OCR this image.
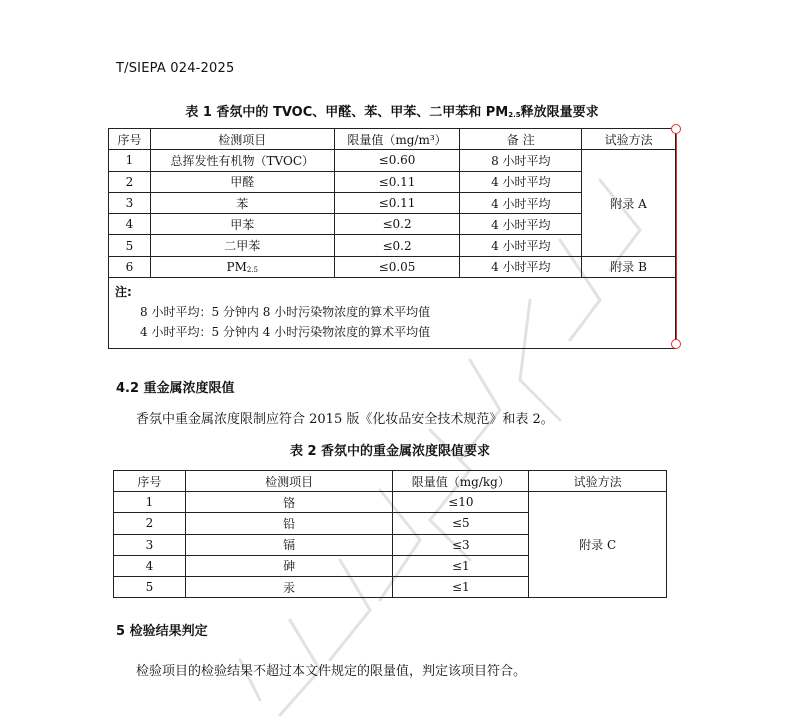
T/SIEPA 024-2025
表 1 香氛中的 TVOC、甲醛、苯、甲苯、二甲苯和 $PM_{2.5}$释放限量要求
序号	检测项目	限量值（mg/m³）	备 注	试验方法
1	总挥发性有机物（TVOC）	≤0.60	8 小时平均	附录 A
2	甲醛	≤0.11	4 小时平均	
3	苯	≤0.11	4 小时平均	
4	甲苯	≤0.2	4 小时平均	
5	二甲苯	≤0.2	4 小时平均	
6	$PM_{2.5}$	≤0.05	4 小时平均	附录 B

注:
8 小时平均：5 分钟内 8 小时污染物浓度的算术平均值
4 小时平均：5 分钟内 4 小时污染物浓度的算术平均值				
4.2 重金属浓度限值
香氛中重金属浓度限制应符合 2015 版《化妆品安全技术规范》和表 2。
表 2 香氛中的重金属浓度限值要求
序号	检测项目	限量值（mg/kg）	试验方法
1	铬	≤10	附录 C
2	铅	≤5	
3	镉	≤3	
4	砷	≤1	
5	汞	≤1	
5 检验结果判定
检验项目的检验结果不超过本文件规定的限量值，判定该项目符合。
